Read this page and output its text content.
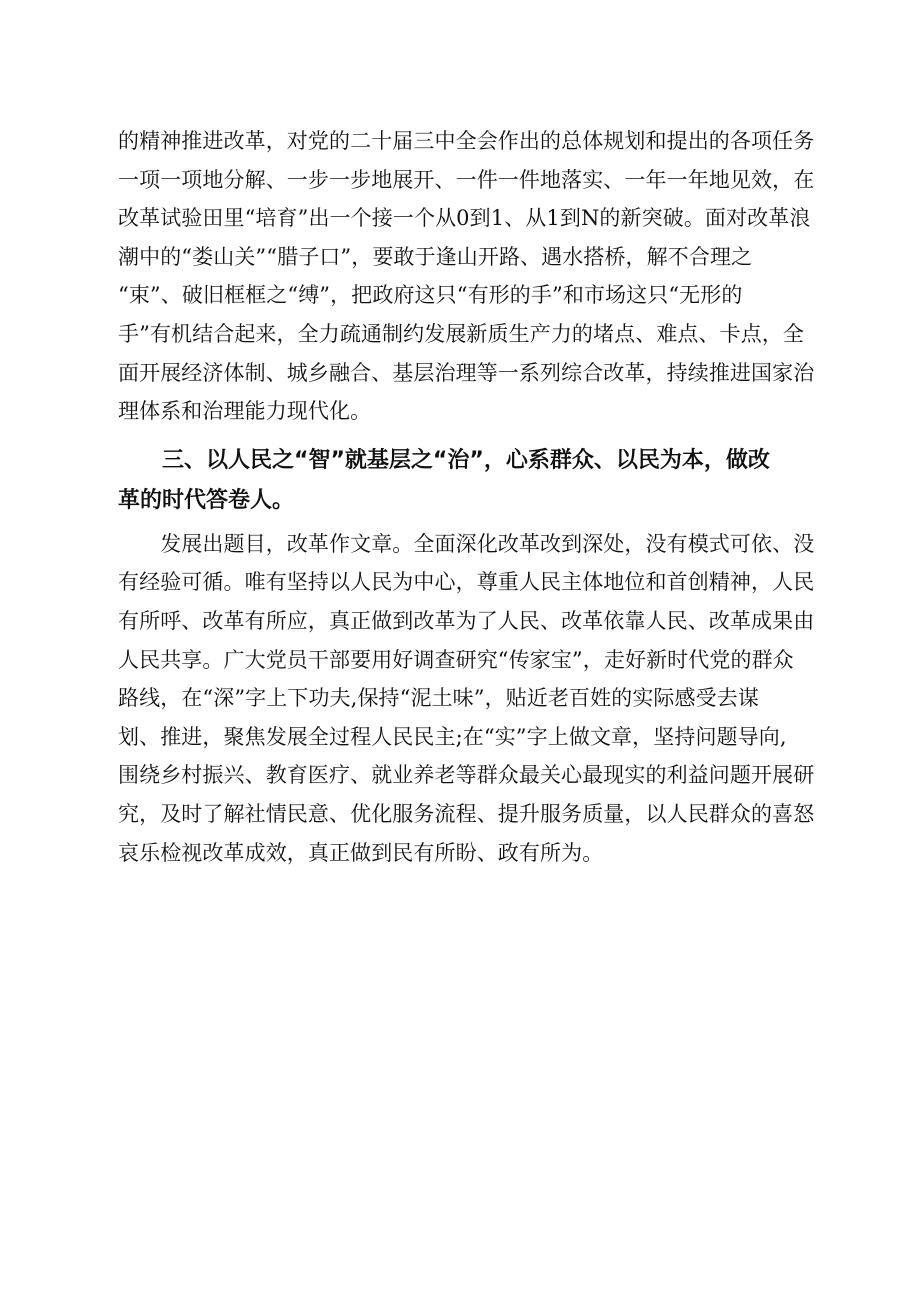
的精神推进改革，对党的二十届三中全会作出的总体规划和提出的各项任务
一项一项地分解、一步一步地展开、一件一件地落实、一年一年地见效，在
改革试验田里“培育”出一个接一个从0到1、从1到N的新突破。面对改革浪
潮中的“娄山关”“腊子口”，要敢于逢山开路、遇水搭桥，解不合理之
“束”、破旧框框之“缚”，把政府这只“有形的手”和市场这只“无形的
手”有机结合起来，全力疏通制约发展新质生产力的堵点、难点、卡点，全
面开展经济体制、城乡融合、基层治理等一系列综合改革，持续推进国家治
理体系和治理能力现代化。
　　三、以人民之“智”就基层之“治”，心系群众、以民为本，做改
革的时代答卷人。
　　发展出题目，改革作文章。全面深化改革改到深处，没有模式可依、没
有经验可循。唯有坚持以人民为中心，尊重人民主体地位和首创精神，人民
有所呼、改革有所应，真正做到改革为了人民、改革依靠人民、改革成果由
人民共享。广大党员干部要用好调查研究“传家宝”，走好新时代党的群众
路线，在“深”字上下功夫,保持“泥土味”，贴近老百姓的实际感受去谋
划、推进，聚焦发展全过程人民民主;在“实”字上做文章，坚持问题导向,
围绕乡村振兴、教育医疗、就业养老等群众最关心最现实的利益问题开展研
究，及时了解社情民意、优化服务流程、提升服务质量，以人民群众的喜怒
哀乐检视改革成效，真正做到民有所盼、政有所为。
